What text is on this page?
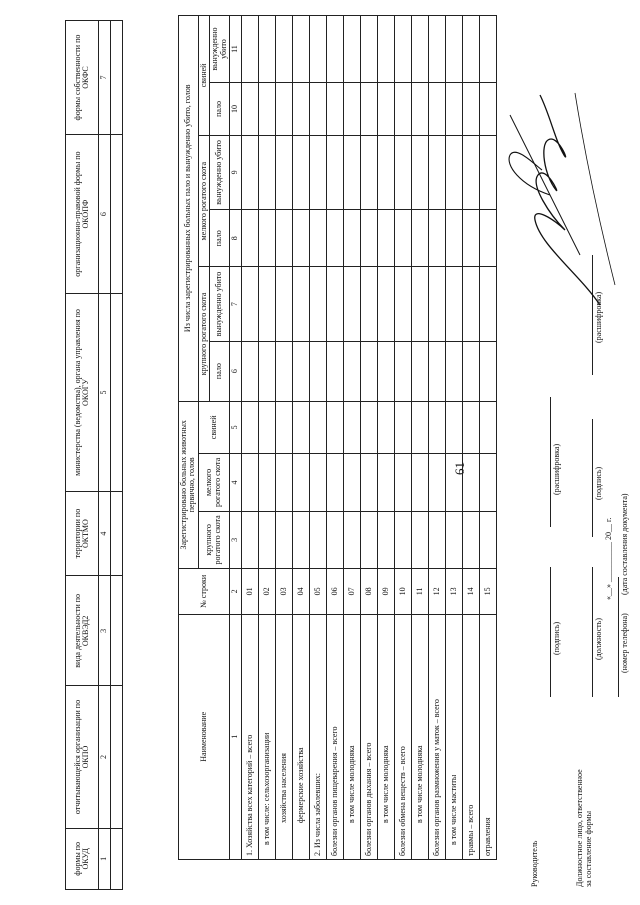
61
формы по ОКУД	отчитывающейся организации по ОКПО	вида деятельности по ОКВЭД2	территории по ОКТМО	министерства (ведомства), органа управления по ОКОГУ	организационно-правовой формы по ОКОПФ	формы собственности по ОКФС
1	2	3	4	5	6	7

Наименование	№ строки	Зарегистрировано больных животных первично, голов			Из числа зарегистрированных больных пало и вынужденно убито, голов					
		крупного рогатого скота	мелкого рогатого скота	свиней	крупного рогатого скота		мелкого рогатого скота		свиней	
					пало	вынужденно убито	пало	вынужденно убито	пало	вынужденно убито
1	2	3	4	5	6	7	8	9	10	11
1. Хозяйства всех категорий – всего	01									
в том числе: сельхозорганизации	02									
хозяйства населения	03									
фермерские хозяйства	04									
2. Из числа заболевших:	05									
болезни органов пищеварения – всего	06									
в том числе молодняка	07									
болезни органов дыхания – всего	08									
в том числе молодняка	09									
болезни обмена веществ – всего	10									
в том числе молодняка	11									
болезни органов размножения у маток – всего	12									
в том числе маститы	13									
травмы – всего	14									
отравления	15									
Руководитель
(подпись)
(расшифровка)
Должностное лицо, ответственное за составление формы
(должность)
(подпись)
(расшифровка)
(номер телефона)
«__» __________ 20__ г. (дата составления документа)
